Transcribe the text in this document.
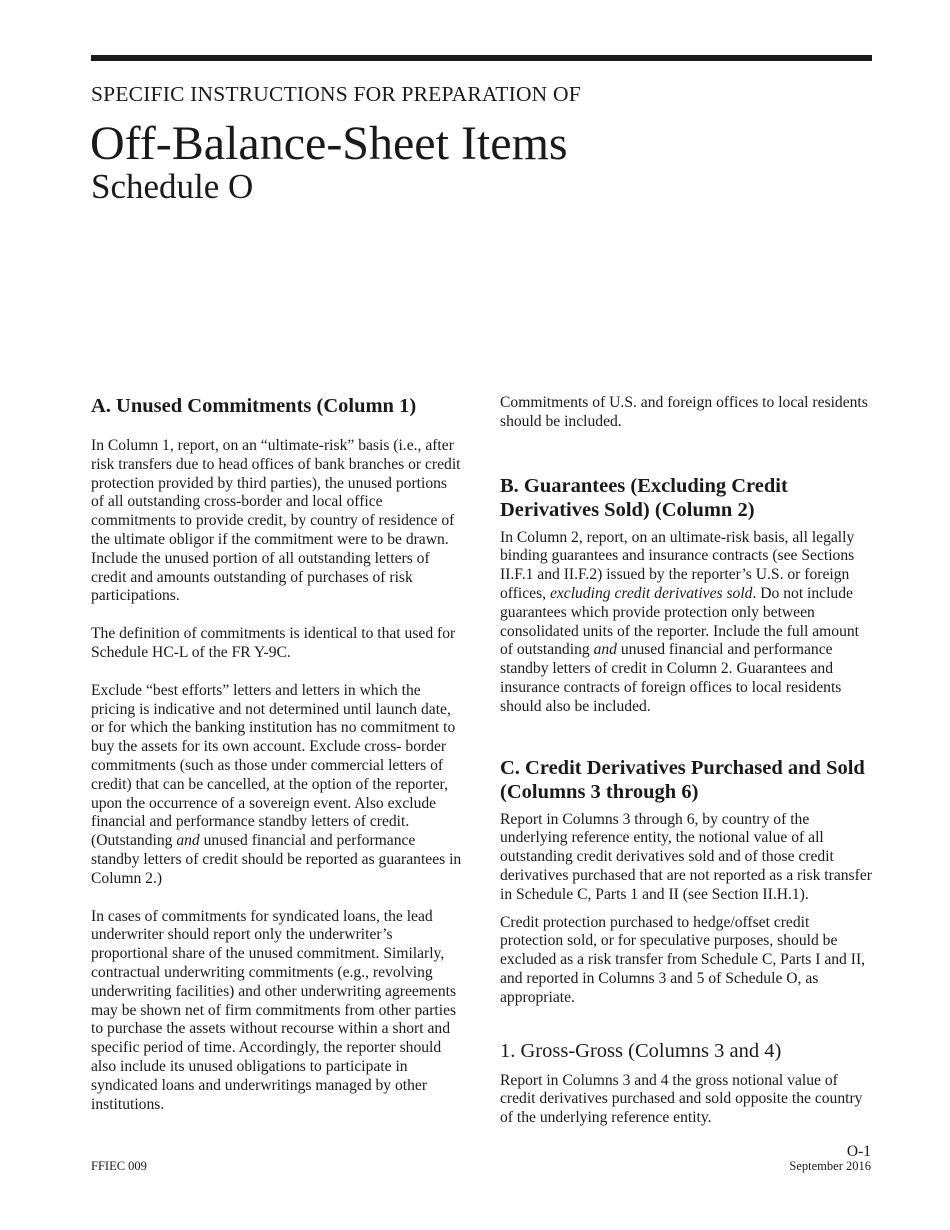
SPECIFIC INSTRUCTIONS FOR PREPARATION OF
Off-Balance-Sheet Items
Schedule O
A. Unused Commitments (Column 1)

In Column 1, report, on an “ultimate-risk” basis (i.e., after risk transfers due to head offices of bank branches or credit protection provided by third parties), the unused portions of all outstanding cross-border and local office commitments to provide credit, by country of residence of the ultimate obligor if the commitment were to be drawn. Include the unused portion of all outstanding letters of credit and amounts outstanding of purchases of risk participations.

The definition of commitments is identical to that used for Schedule HC-L of the FR Y-9C.

Exclude “best efforts” letters and letters in which the pricing is indicative and not determined until launch date, or for which the banking institution has no commitment to buy the assets for its own account. Exclude cross- border commitments (such as those under commercial letters of credit) that can be cancelled, at the option of the reporter, upon the occurrence of a sovereign event. Also exclude financial and performance standby letters of credit. (Outstanding and unused financial and performance standby letters of credit should be reported as guarantees in Column 2.)

In cases of commitments for syndicated loans, the lead underwriter should report only the underwriter’s proportional share of the unused commitment. Similarly, contractual underwriting commitments (e.g., revolving underwriting facilities) and other underwriting agreements may be shown net of firm commitments from other parties to purchase the assets without recourse within a short and specific period of time. Accordingly, the reporter should also include its unused obligations to participate in syndicated loans and underwritings managed by other institutions.

Commitments of U.S. and foreign offices to local residents should be included.

B. Guarantees (Excluding Credit Derivatives Sold) (Column 2)

In Column 2, report, on an ultimate-risk basis, all legally binding guarantees and insurance contracts (see Sections II.F.1 and II.F.2) issued by the reporter’s U.S. or foreign offices, excluding credit derivatives sold. Do not include guarantees which provide protection only between consolidated units of the reporter. Include the full amount of outstanding and unused financial and performance standby letters of credit in Column 2. Guarantees and insurance contracts of foreign offices to local residents should also be included.

C. Credit Derivatives Purchased and Sold (Columns 3 through 6)

Report in Columns 3 through 6, by country of the underlying reference entity, the notional value of all outstanding credit derivatives sold and of those credit derivatives purchased that are not reported as a risk transfer in Schedule C, Parts 1 and II (see Section II.H.1).

Credit protection purchased to hedge/offset credit protection sold, or for speculative purposes, should be excluded as a risk transfer from Schedule C, Parts I and II, and reported in Columns 3 and 5 of Schedule O, as appropriate.

1. Gross-Gross (Columns 3 and 4)

Report in Columns 3 and 4 the gross notional value of credit derivatives purchased and sold opposite the country of the underlying reference entity.

FFIEC 009
O-1
September 2016
